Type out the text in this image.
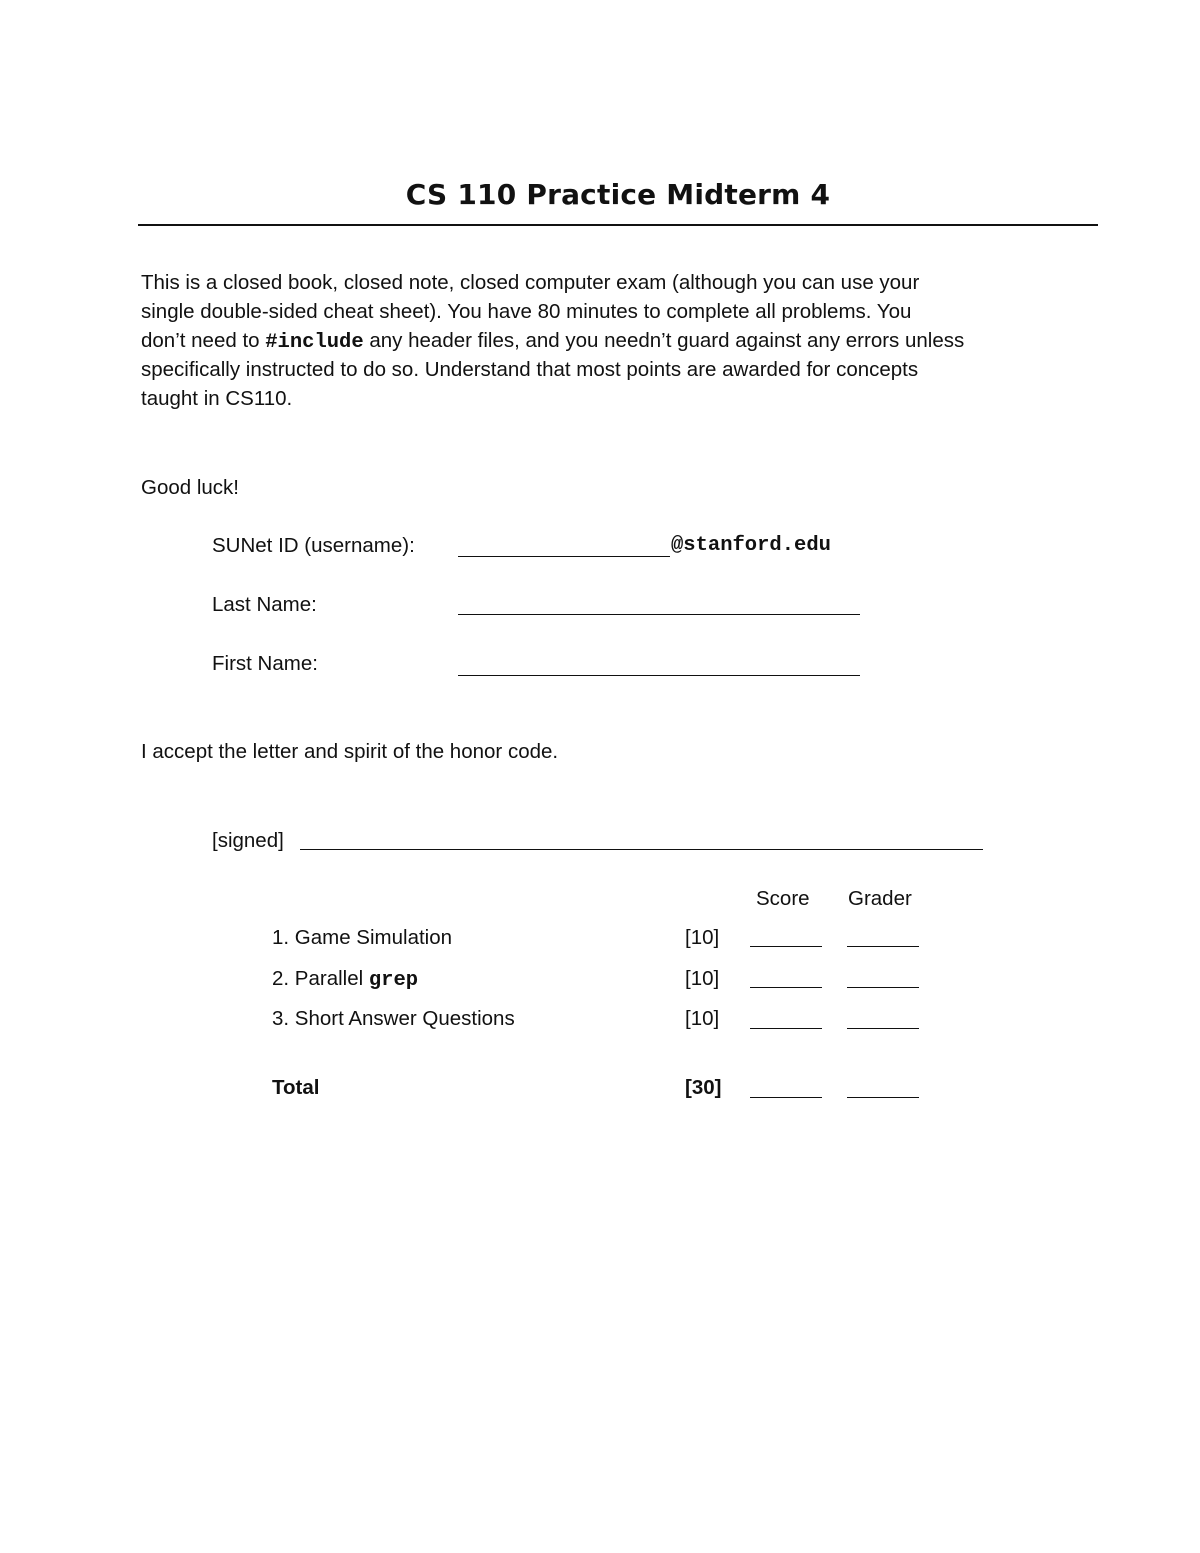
CS 110 Practice Midterm 4
This is a closed book, closed note, closed computer exam (although you can use your
single double-sided cheat sheet). You have 80 minutes to complete all problems. You
don’t need to #include any header files, and you needn’t guard against any errors unless
specifically instructed to do so. Understand that most points are awarded for concepts
taught in CS110.
Good luck!
SUNet ID (username):	@stanford.edu
Last Name:
First Name:
I accept the letter and spirit of the honor code.
[signed]
Score Grader
1. Game Simulation	[10]
2. Parallel grep	[10]
3. Short Answer Questions	[10]
Total	[30]
